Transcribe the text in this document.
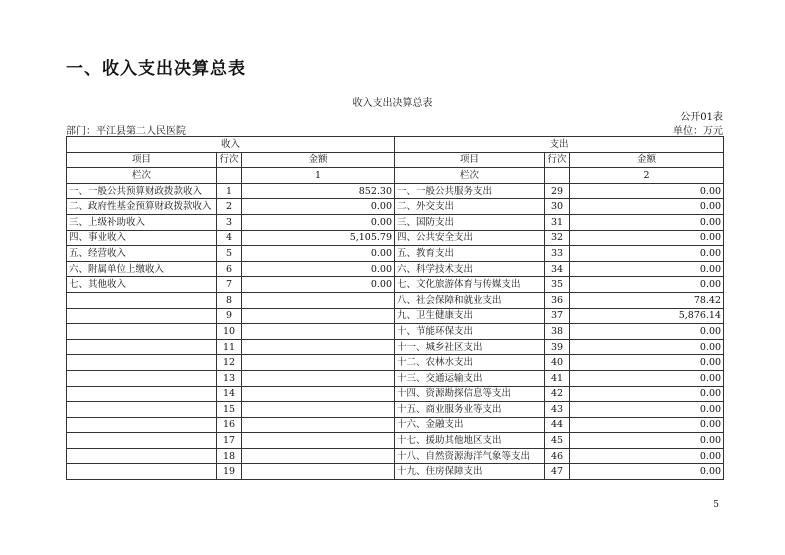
一、收入支出决算总表
收入支出决算总表
公开01表
部门：平江县第二人民医院	单位：万元
收入			支出		
项目	行次	金额	项目	行次	金额
栏次		1	栏次		2
一、一般公共预算财政拨款收入	1	852.30	一、一般公共服务支出	29	0.00
二、政府性基金预算财政拨款收入	2	0.00	二、外交支出	30	0.00
三、上级补助收入	3	0.00	三、国防支出	31	0.00
四、事业收入	4	5,105.79	四、公共安全支出	32	0.00
五、经营收入	5	0.00	五、教育支出	33	0.00
六、附属单位上缴收入	6	0.00	六、科学技术支出	34	0.00
七、其他收入	7	0.00	七、文化旅游体育与传媒支出	35	0.00
	8		八、社会保障和就业支出	36	78.42
	9		九、卫生健康支出	37	5,876.14
	10		十、节能环保支出	38	0.00
	11		十一、城乡社区支出	39	0.00
	12		十二、农林水支出	40	0.00
	13		十三、交通运输支出	41	0.00
	14		十四、资源勘探信息等支出	42	0.00
	15		十五、商业服务业等支出	43	0.00
	16		十六、金融支出	44	0.00
	17		十七、援助其他地区支出	45	0.00
	18		十八、自然资源海洋气象等支出	46	0.00
	19		十九、住房保障支出	47	0.00
5
